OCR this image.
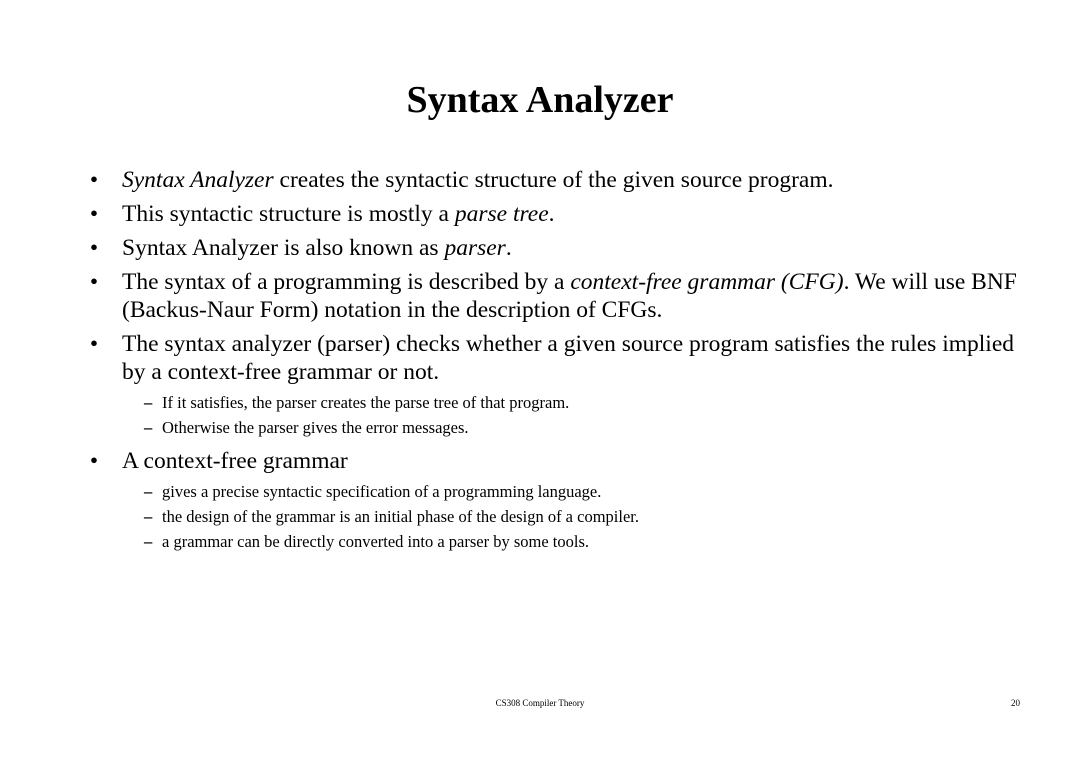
Syntax Analyzer
• Syntax Analyzer creates the syntactic structure of the given source program.
• This syntactic structure is mostly a parse tree.
• Syntax Analyzer is also known as parser.
• The syntax of a programming is described by a context-free grammar (CFG). We will use BNF (Backus-Naur Form) notation in the description of CFGs.
• The syntax analyzer (parser) checks whether a given source program satisfies the rules implied by a context-free grammar or not.
– If it satisfies, the parser creates the parse tree of that program.
– Otherwise the parser gives the error messages.
• A context-free grammar
– gives a precise syntactic specification of a programming language.
– the design of the grammar is an initial phase of the design of a compiler.
– a grammar can be directly converted into a parser by some tools.
CS308 Compiler Theory	20
